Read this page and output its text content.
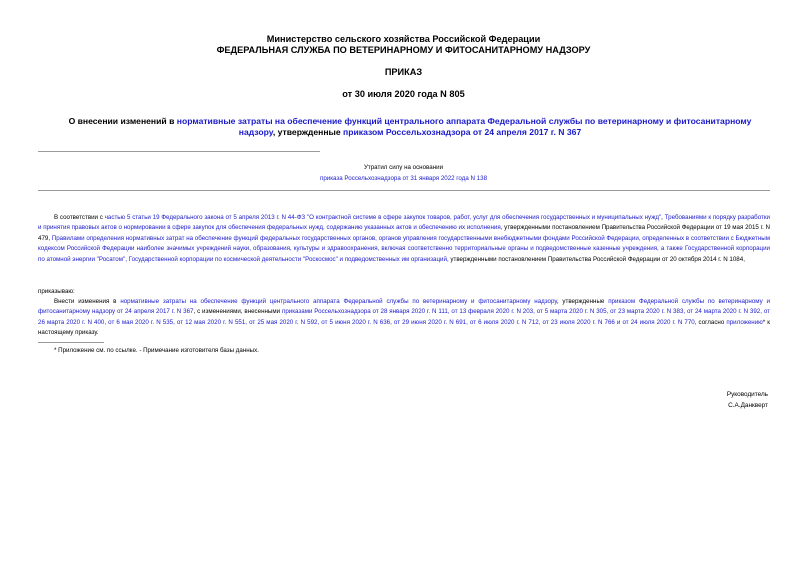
Министерство сельского хозяйства Российской Федерации
ФЕДЕРАЛЬНАЯ СЛУЖБА ПО ВЕТЕРИНАРНОМУ И ФИТОСАНИТАРНОМУ НАДЗОРУ
ПРИКАЗ
от 30 июля 2020 года N 805
О внесении изменений в нормативные затраты на обеспечение функций центрального аппарата Федеральной службы по ветеринарному и фитосанитарному надзору, утвержденные приказом Россельхознадзора от 24 апреля 2017 г. N 367
Утратил силу на основании
приказа Россельхознадзора от 31 января 2022 года N 138
В соответствии с частью 5 статьи 19 Федерального закона от 5 апреля 2013 г. N 44-ФЗ "О контрактной системе в сфере закупок товаров, работ, услуг для обеспечения государственных и муниципальных нужд", Требованиями к порядку разработки и принятия правовых актов о нормировании в сфере закупок для обеспечения федеральных нужд, содержанию указанных актов и обеспечению их исполнения, утвержденными постановлением Правительства Российской Федерации от 19 мая 2015 г. N 479, Правилами определения нормативных затрат на обеспечение функций федеральных государственных органов, органов управления государственными внебюджетными фондами Российской Федерации, определенных в соответствии с Бюджетным кодексом Российской Федерации наиболее значимых учреждений науки, образования, культуры и здравоохранения, включая соответственно территориальные органы и подведомственные казенные учреждения, а также Государственной корпорации по атомной энергии "Росатом", Государственной корпорации по космической деятельности "Роскосмос" и подведомственных им организаций, утвержденными постановлением Правительства Российской Федерации от 20 октября 2014 г. N 1084,
приказываю:
Внести изменения в нормативные затраты на обеспечение функций центрального аппарата Федеральной службы по ветеринарному и фитосанитарному надзору, утвержденные приказом Федеральной службы по ветеринарному и фитосанитарному надзору от 24 апреля 2017 г. N 367, с изменениями, внесенными приказами Россельхознадзора от 28 января 2020 г. N 111, от 13 февраля 2020 г. N 203, от 5 марта 2020 г. N 305, от 23 марта 2020 г. N 383, от 24 марта 2020 г. N 392, от 26 марта 2020 г. N 400, от 6 мая 2020 г. N 535, от 12 мая 2020 г. N 551, от 25 мая 2020 г. N 592, от 5 июня 2020 г. N 636, от 29 июня 2020 г. N 691, от 6 июля 2020 г. N 712, от 23 июля 2020 г. N 766 и от 24 июля 2020 г. N 770, согласно приложению* к настоящему приказу.
* Приложение см. по ссылке. - Примечание изготовителя базы данных.
Руководитель
С.А.Данкверт
